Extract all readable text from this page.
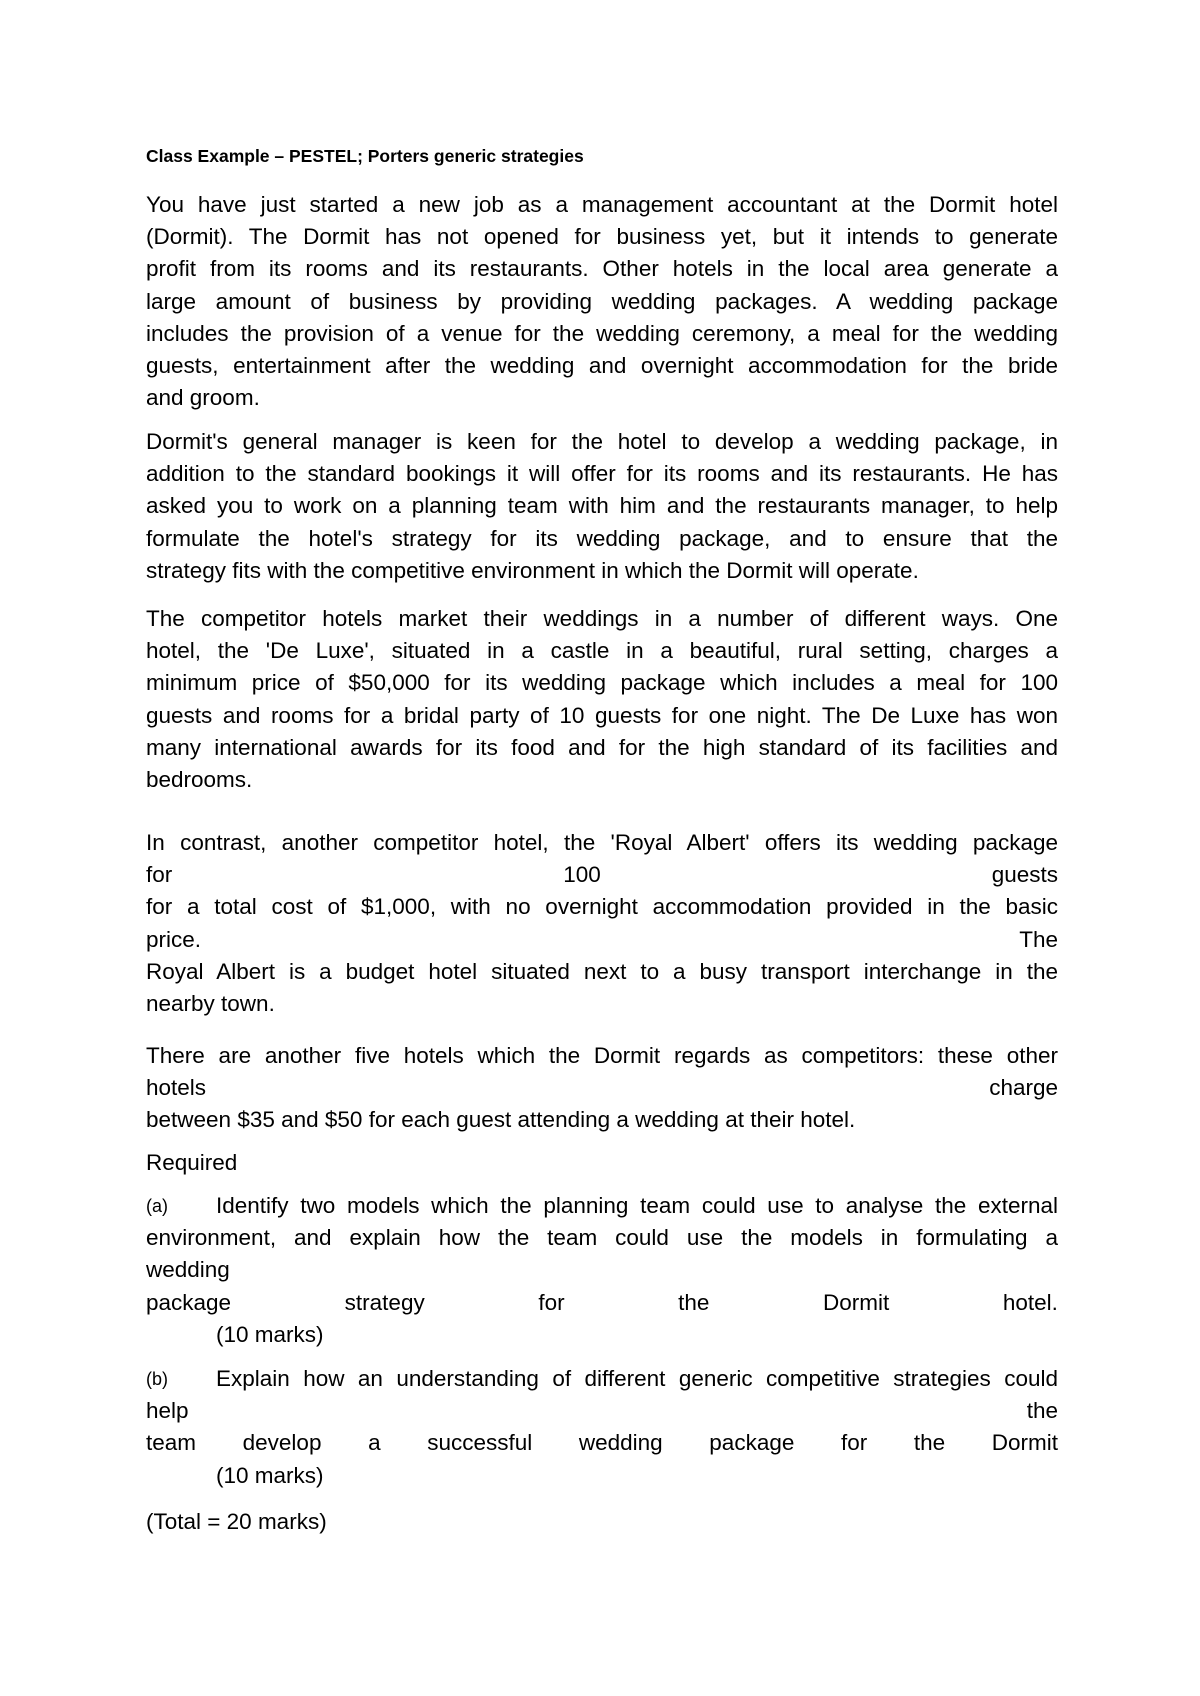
Class Example – PESTEL; Porters generic strategies
You have just started a new job as a management accountant at the Dormit hotel
(Dormit). The Dormit has not opened for business yet, but it intends to generate
profit from its rooms and its restaurants. Other hotels in the local area generate a
large amount of business by providing wedding packages. A wedding package
includes the provision of a venue for the wedding ceremony, a meal for the wedding
guests, entertainment after the wedding and overnight accommodation for the bride
and groom.
Dormit's general manager is keen for the hotel to develop a wedding package, in
addition to the standard bookings it will offer for its rooms and its restaurants. He has
asked you to work on a planning team with him and the restaurants manager, to help
formulate the hotel's strategy for its wedding package, and to ensure that the
strategy fits with the competitive environment in which the Dormit will operate.
The competitor hotels market their weddings in a number of different ways. One
hotel, the 'De Luxe', situated in a castle in a beautiful, rural setting, charges a
minimum price of $50,000 for its wedding package which includes a meal for 100
guests and rooms for a bridal party of 10 guests for one night. The De Luxe has won
many international awards for its food and for the high standard of its facilities and
bedrooms.
In contrast, another competitor hotel, the 'Royal Albert' offers its wedding package
for	100	guests
for a total cost of $1,000, with no overnight accommodation provided in the basic
price.	The
Royal Albert is a budget hotel situated next to a busy transport interchange in the
nearby town.
There are another five hotels which the Dormit regards as competitors: these other
hotels	charge
between $35 and $50 for each guest attending a wedding at their hotel.
Required
(a)	Identify two models which the planning team could use to analyse the external
environment, and explain how the team could use the models in formulating a
wedding
package	strategy	for	the	Dormit	hotel.
(10 marks)
(b)	Explain how an understanding of different generic competitive strategies could
help	the
team develop a successful wedding package for the Dormit
(10 marks)
(Total = 20 marks)
